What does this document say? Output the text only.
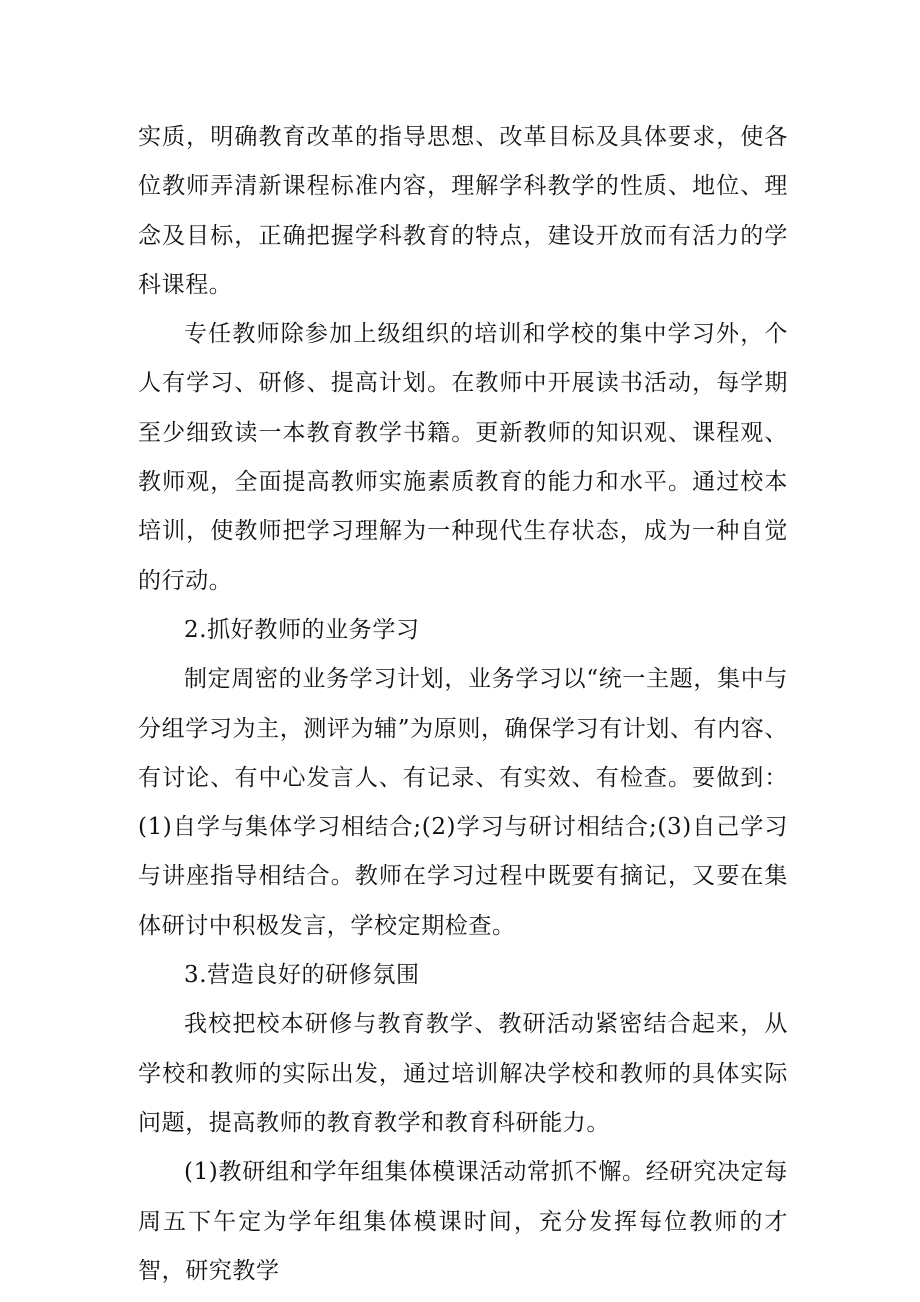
实质，明确教育改革的指导思想、改革目标及具体要求，使各位教师弄清新课程标准内容，理解学科教学的性质、地位、理念及目标，正确把握学科教育的特点，建设开放而有活力的学科课程。

专任教师除参加上级组织的培训和学校的集中学习外，个人有学习、研修、提高计划。在教师中开展读书活动，每学期至少细致读一本教育教学书籍。更新教师的知识观、课程观、教师观，全面提高教师实施素质教育的能力和水平。通过校本培训，使教师把学习理解为一种现代生存状态，成为一种自觉的行动。

2.抓好教师的业务学习

制定周密的业务学习计划，业务学习以“统一主题，集中与分组学习为主，测评为辅”为原则，确保学习有计划、有内容、有讨论、有中心发言人、有记录、有实效、有检查。要做到：(1)自学与集体学习相结合;(2)学习与研讨相结合;(3)自己学习与讲座指导相结合。教师在学习过程中既要有摘记，又要在集体研讨中积极发言，学校定期检查。

3.营造良好的研修氛围

我校把校本研修与教育教学、教研活动紧密结合起来，从学校和教师的实际出发，通过培训解决学校和教师的具体实际问题，提高教师的教育教学和教育科研能力。

(1)教研组和学年组集体模课活动常抓不懈。经研究决定每周五下午定为学年组集体模课时间，充分发挥每位教师的才智，研究教学
